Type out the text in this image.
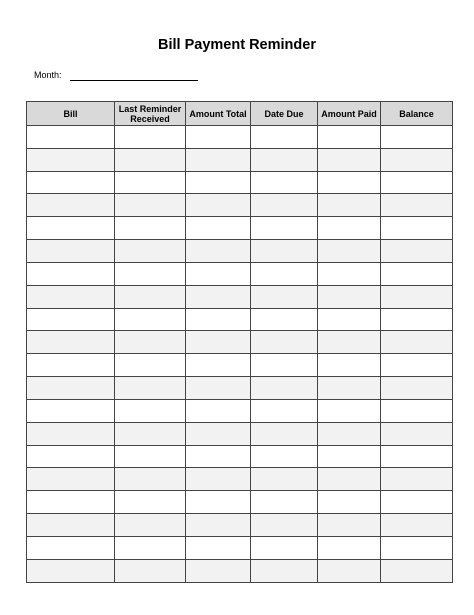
Bill Payment Reminder
Month:
Bill	Last Reminder Received	Amount Total	Date Due	Amount Paid	Balance
